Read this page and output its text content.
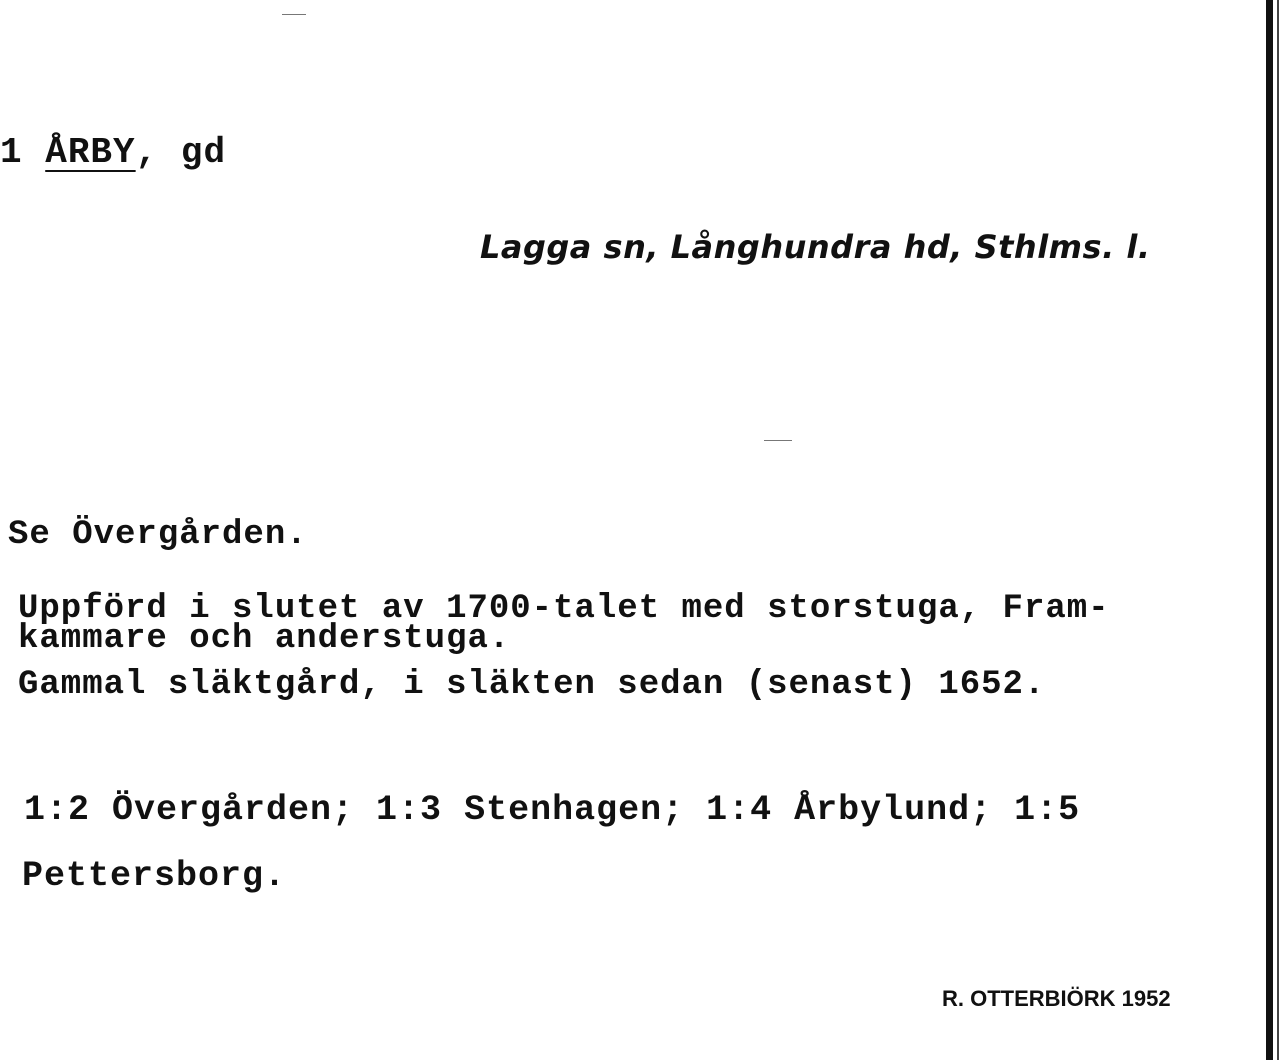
1 ÅRBY, gd
Lagga sn, Långhundra hd, Sthlms. l.
Se Övergården.
Uppförd i slutet av 1700-talet med storstuga, Fram-
kammare och anderstuga.
Gammal släktgård, i släkten sedan (senast) 1652.
1:2 Övergården; 1:3 Stenhagen; 1:4 Årbylund; 1:5
Pettersborg.
R. OTTERBIÖRK 1952
